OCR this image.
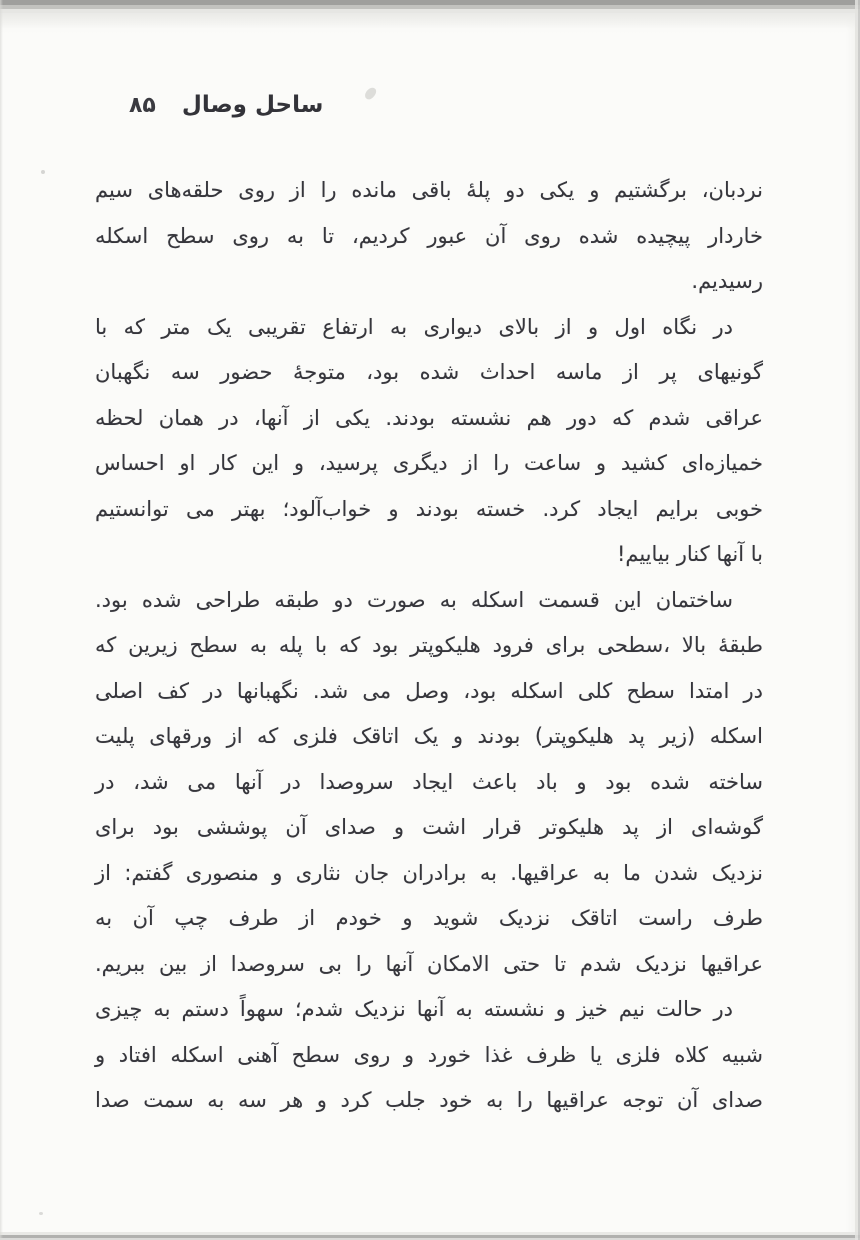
۸۵ ساحل وصال
نردبان، برگشتیم و یکی دو پلهٔ باقی مانده را از روی حلقه‌های سیم
خاردار پیچیده شده روی آن عبور کردیم، تا به روی سطح اسکله
رسیدیم.
در نگاه اول و از بالای دیواری به ارتفاع تقریبی یک متر که با
گونیهای پر از ماسه احداث شده بود، متوجهٔ حضور سه نگهبان
عراقی شدم که دور هم نشسته بودند. یکی از آنها، در همان لحظه
خمیازه‌ای کشید و ساعت را از دیگری پرسید، و این کار او احساس
خوبی برایم ایجاد کرد. خسته بودند و خواب‌آلود؛ بهتر می توانستیم
با آنها کنار بیاییم!
ساختمان این قسمت اسکله به صورت دو طبقه طراحی شده بود.
طبقهٔ بالا ،سطحی برای فرود هلیکوپتر بود که با پله به سطح زیرین که
در امتدا سطح کلی اسکله بود، وصل می شد. نگهبانها در کف اصلی
اسکله (زیر پد هلیکوپتر) بودند و یک اتاقک فلزی که از ورقهای پلیت
ساخته شده بود و باد باعث ایجاد سروصدا در آنها می شد، در
گوشه‌ای از پد هلیکوتر قرار اشت و صدای آن پوششی بود برای
نزدیک شدن ما به عراقیها. به برادران جان نثاری و منصوری گفتم: از
طرف راست اتاقک نزدیک شوید و خودم از طرف چپ آن به
عراقیها نزدیک شدم تا حتی الامکان آنها را بی سروصدا از بین ببریم.
در حالت نیم خیز و نشسته به آنها نزدیک شدم؛ سهواً دستم به چیزی
شبیه کلاه فلزی یا ظرف غذا خورد و روی سطح آهنی اسکله افتاد و
صدای آن توجه عراقیها را به خود جلب کرد و هر سه به سمت صدا
